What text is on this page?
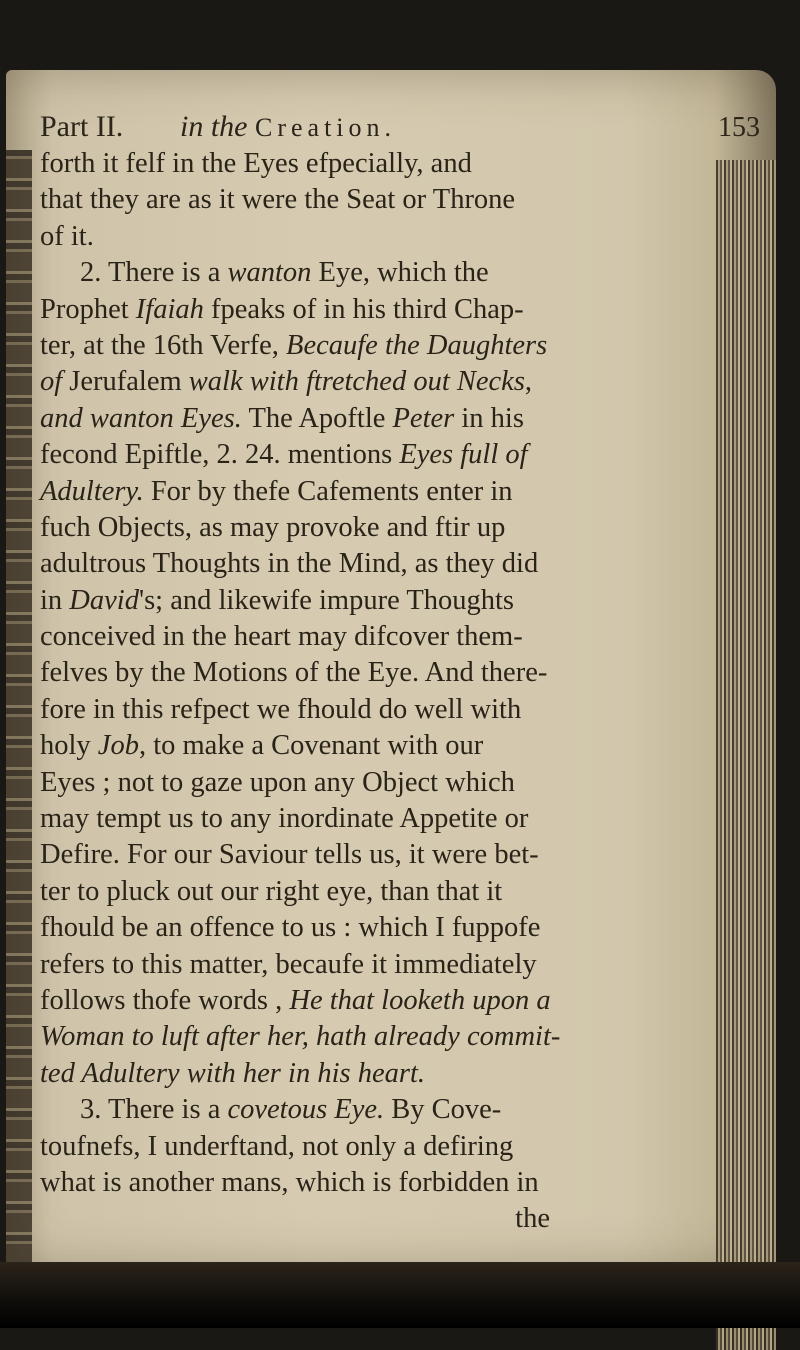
Part II. in the Creation.	153
forth it felf in the Eyes efpecially, and
that they are as it were the Seat or Throne
of it.
2. There is a wanton Eye, which the
Prophet Ifaiah fpeaks of in his third Chap-
ter, at the 16th Verfe, Becaufe the Daughters
of Jerufalem walk with ftretched out Necks,
and wanton Eyes. The Apoftle Peter in his
fecond Epiftle, 2. 24. mentions Eyes full of
Adultery. For by thefe Cafements enter in
fuch Objects, as may provoke and ftir up
adultrous Thoughts in the Mind, as they did
in David's; and likewife impure Thoughts
conceived in the heart may difcover them-
felves by the Motions of the Eye. And there-
fore in this refpect we fhould do well with
holy Job, to make a Covenant with our
Eyes ; not to gaze upon any Object which
may tempt us to any inordinate Appetite or
Defire. For our Saviour tells us, it were bet-
ter to pluck out our right eye, than that it
fhould be an offence to us : which I fuppofe
refers to this matter, becaufe it immediately
follows thofe words , He that looketh upon a
Woman to luft after her, hath already commit-
ted Adultery with her in his heart.
3. There is a covetous Eye. By Cove-
toufnefs, I underftand, not only a defiring
what is another mans, which is forbidden in
the
